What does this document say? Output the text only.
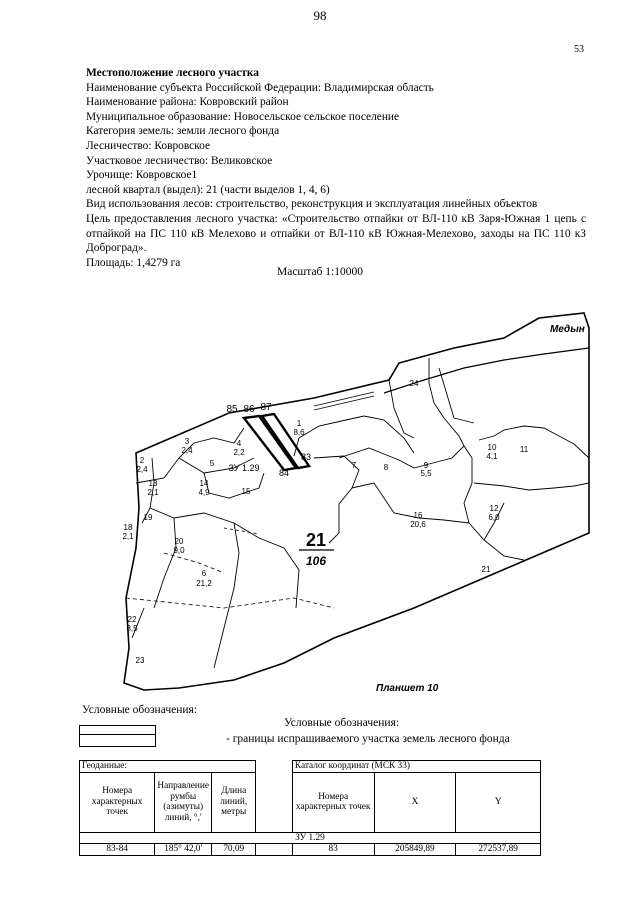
98
53
Местоположение лесного участка
Наименование субъекта Российской Федерации: Владимирская область
Наименование района: Ковровский район
Муниципальное образование: Новосельское сельское поселение
Категория земель: земли лесного фонда
Лесничество: Ковровское
Участковое лесничество: Великовское
Урочище: Ковровское1
лесной квартал (выдел): 21 (части выделов 1, 4, 6)
Вид использования лесов: строительство, реконструкция и эксплуатация линейных объектов
Цель предоставления лесного участка: «Строительство отпайки от ВЛ-110 кВ Заря-Южная 1 цепь с отпайкой на ПС 110 кВ Мелехово и отпайки от ВЛ-110 кВ Южная-Мелехово, заходы на ПС 110 кЗ Доброград».
Площадь: 1,4279 га
Масштаб 1:10000
21
106
ЗУ 1.29
85 86 87
84
83
Медын
Планшет 10
1
8,6
2
2,4
3
2,4
4
2,2
5
6
21,2
7	8	9
5,5
10
4,1
11
12
6,0
13
2,1
14
4,9	15
16
20,6
18
2,1
19
20
9,0
21
22
3,5
23
24
Условные обозначения:
Условные обозначения:
- границы испрашиваемого участка земель лесного фонда
Геоданные:				Каталог координат (МСК 33)		
Номера характерных точек	Направление румбы (азимуты) линий, °,'	Длина линий, метры		Номера характерных точек	X	Y
ЗУ 1.29						
83-84	185° 42,0'	70,09		83	205849,89	272537,89
